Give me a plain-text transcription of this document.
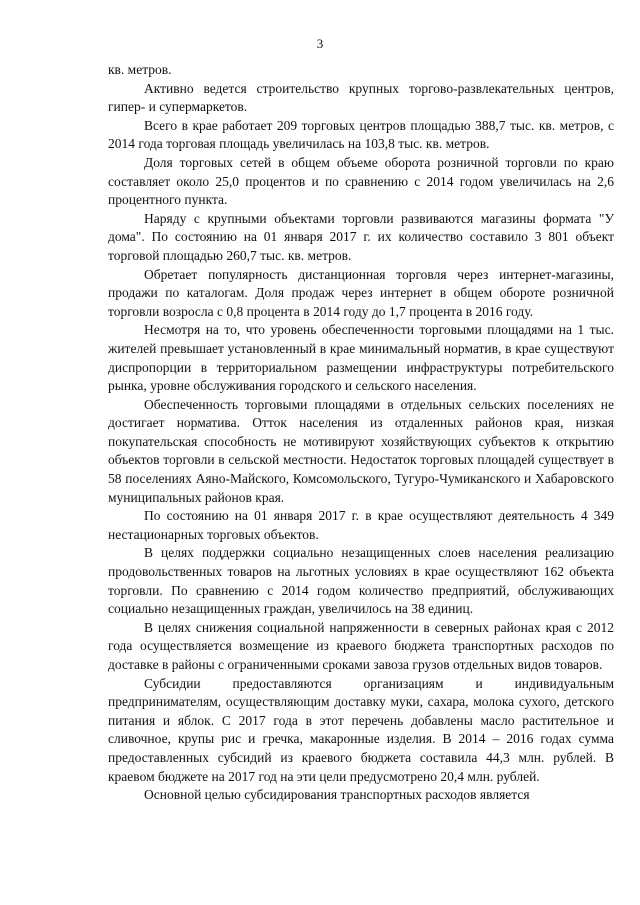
3

кв. метров.

Активно ведется строительство крупных торгово-развлекательных центров, гипер- и супермаркетов.

Всего в крае работает 209 торговых центров площадью 388,7 тыс. кв. метров, с 2014 года торговая площадь увеличилась на 103,8 тыс. кв. метров.

Доля торговых сетей в общем объеме оборота розничной торговли по краю составляет около 25,0 процентов и по сравнению с 2014 годом увеличилась на 2,6 процентного пункта.

Наряду с крупными объектами торговли развиваются магазины формата "У дома". По состоянию на 01 января 2017 г. их количество составило 3 801 объект торговой площадью 260,7 тыс. кв. метров.

Обретает популярность дистанционная торговля через интернет-магазины, продажи по каталогам. Доля продаж через интернет в общем обороте розничной торговли возросла с 0,8 процента в 2014 году до 1,7 процента в 2016 году.

Несмотря на то, что уровень обеспеченности торговыми площадями на 1 тыс. жителей превышает установленный в крае минимальный норматив, в крае существуют диспропорции в территориальном размещении инфраструктуры потребительского рынка, уровне обслуживания городского и сельского населения.

Обеспеченность торговыми площадями в отдельных сельских поселениях не достигает норматива. Отток населения из отдаленных районов края, низкая покупательская способность не мотивируют хозяйствующих субъектов к открытию объектов торговли в сельской местности. Недостаток торговых площадей существует в 58 поселениях Аяно-Майского, Комсомольского, Тугуро-Чумиканского и Хабаровского муниципальных районов края.

По состоянию на 01 января 2017 г. в крае осуществляют деятельность 4 349 нестационарных торговых объектов.

В целях поддержки социально незащищенных слоев населения реализацию продовольственных товаров на льготных условиях в крае осуществляют 162 объекта торговли. По сравнению с 2014 годом количество предприятий, обслуживающих социально незащищенных граждан, увеличилось на 38 единиц.

В целях снижения социальной напряженности в северных районах края с 2012 года осуществляется возмещение из краевого бюджета транспортных расходов по доставке в районы с ограниченными сроками завоза грузов отдельных видов товаров.

Субсидии предоставляются организациям и индивидуальным предпринимателям, осуществляющим доставку муки, сахара, молока сухого, детского питания и яблок. С 2017 года в этот перечень добавлены масло растительное и сливочное, крупы рис и гречка, макаронные изделия. В 2014 – 2016 годах сумма предоставленных субсидий из краевого бюджета составила 44,3 млн. рублей. В краевом бюджете на 2017 год на эти цели предусмотрено 20,4 млн. рублей.

Основной целью субсидирования транспортных расходов является
